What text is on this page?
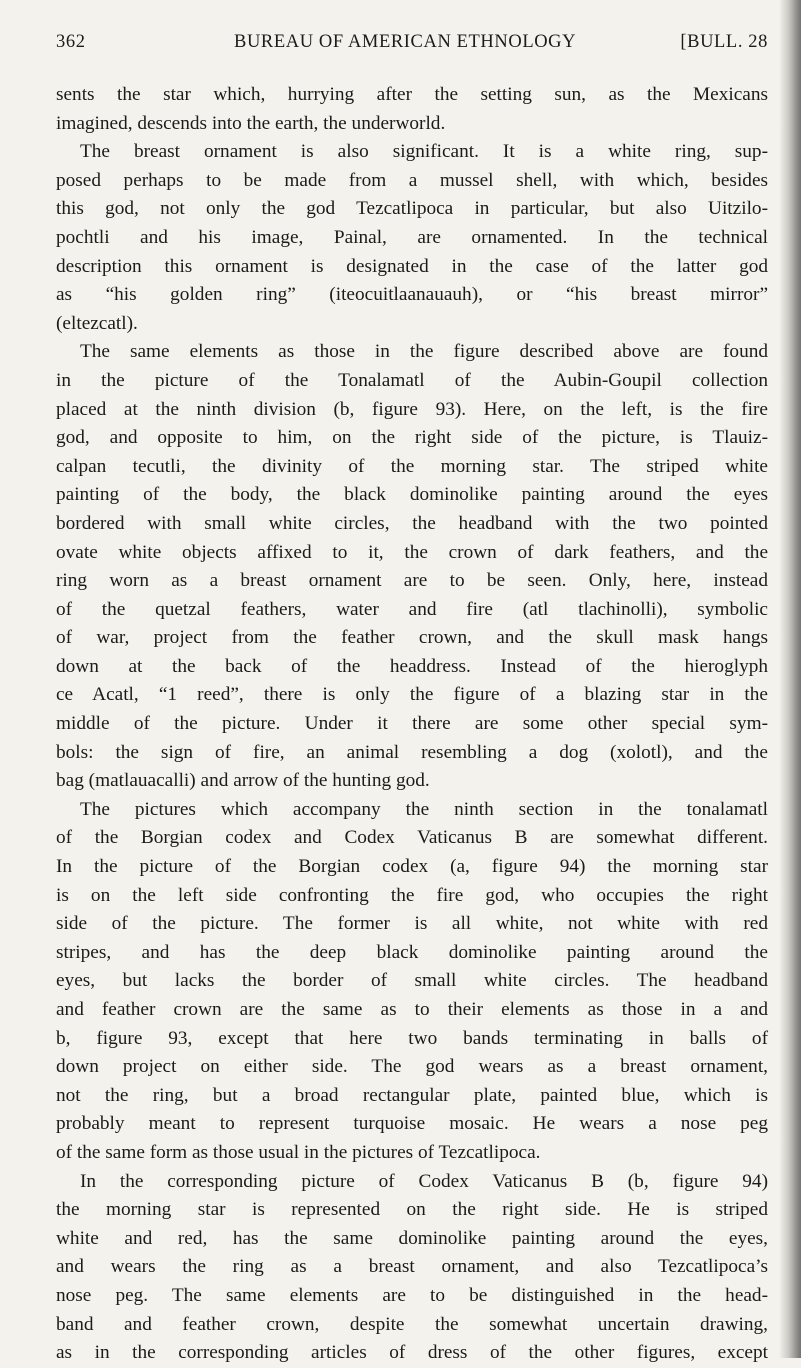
362	BUREAU OF AMERICAN ETHNOLOGY	[BULL. 28
sents the star which, hurrying after the setting sun, as the Mexicans
imagined, descends into the earth, the underworld.
The breast ornament is also significant. It is a white ring, sup-
posed perhaps to be made from a mussel shell, with which, besides
this god, not only the god Tezcatlipoca in particular, but also Uitzilo-
pochtli and his image, Painal, are ornamented. In the technical
description this ornament is designated in the case of the latter god
as “his golden ring” (iteocuitlaanauauh), or “his breast mirror”
(eltezcatl).
The same elements as those in the figure described above are found
in the picture of the Tonalamatl of the Aubin-Goupil collection
placed at the ninth division (b, figure 93). Here, on the left, is the fire
god, and opposite to him, on the right side of the picture, is Tlauiz-
calpan tecutli, the divinity of the morning star. The striped white
painting of the body, the black dominolike painting around the eyes
bordered with small white circles, the headband with the two pointed
ovate white objects affixed to it, the crown of dark feathers, and the
ring worn as a breast ornament are to be seen. Only, here, instead
of the quetzal feathers, water and fire (atl tlachinolli), symbolic
of war, project from the feather crown, and the skull mask hangs
down at the back of the headdress. Instead of the hieroglyph
ce Acatl, “1 reed”, there is only the figure of a blazing star in the
middle of the picture. Under it there are some other special sym-
bols: the sign of fire, an animal resembling a dog (xolotl), and the
bag (matlauacalli) and arrow of the hunting god.
The pictures which accompany the ninth section in the tonalamatl
of the Borgian codex and Codex Vaticanus B are somewhat different.
In the picture of the Borgian codex (a, figure 94) the morning star
is on the left side confronting the fire god, who occupies the right
side of the picture. The former is all white, not white with red
stripes, and has the deep black dominolike painting around the
eyes, but lacks the border of small white circles. The headband
and feather crown are the same as to their elements as those in a and
b, figure 93, except that here two bands terminating in balls of
down project on either side. The god wears as a breast ornament,
not the ring, but a broad rectangular plate, painted blue, which is
probably meant to represent turquoise mosaic. He wears a nose peg
of the same form as those usual in the pictures of Tezcatlipoca.
In the corresponding picture of Codex Vaticanus B (b, figure 94)
the morning star is represented on the right side. He is striped
white and red, has the same dominolike painting around the eyes,
and wears the ring as a breast ornament, and also Tezcatlipoca’s
nose peg. The same elements are to be distinguished in the head-
band and feather crown, despite the somewhat uncertain drawing,
as in the corresponding articles of dress of the other figures, except
